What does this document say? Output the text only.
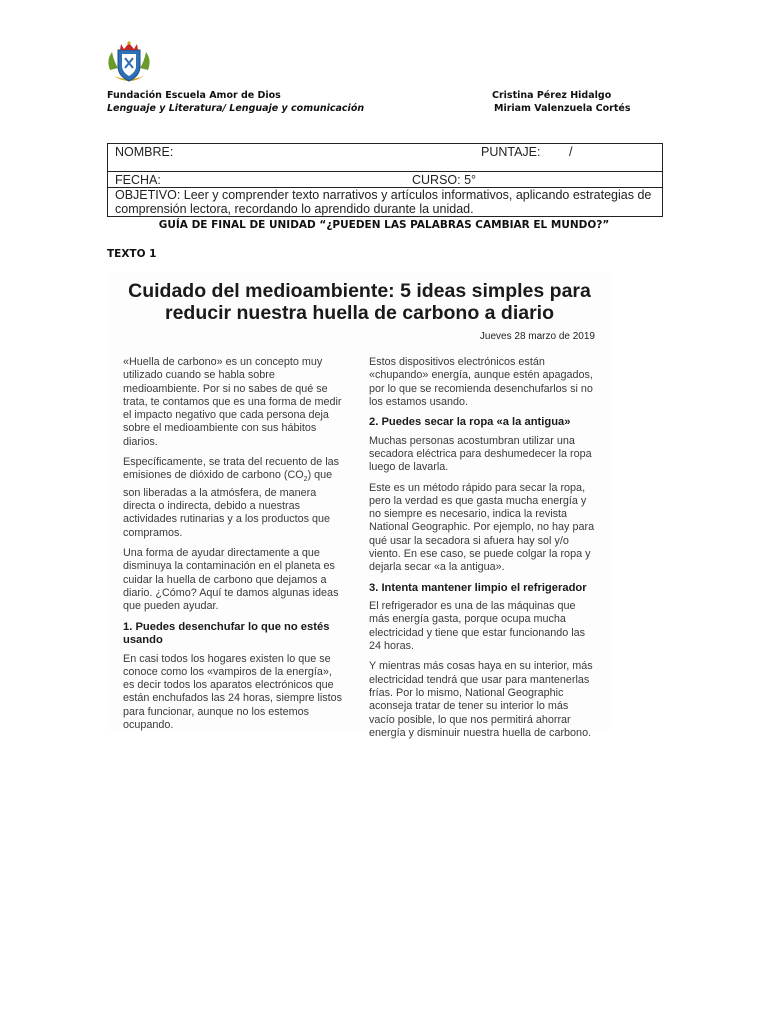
Fundación Escuela Amor de Dios
Lenguaje y Literatura/ Lenguaje y comunicación
Cristina Pérez Hidalgo
Miriam Valenzuela Cortés
NOMBRE:	PUNTAJE: /
FECHA:	CURSO: 5°
OBJETIVO: Leer y comprender texto narrativos y artículos informativos, aplicando estrategias de comprensión lectora, recordando lo aprendido durante la unidad.
GUÍA DE FINAL DE UNIDAD “¿PUEDEN LAS PALABRAS CAMBIAR EL MUNDO?”
TEXTO 1
Cuidado del medioambiente: 5 ideas simples para
reducir nuestra huella de carbono a diario
Jueves 28 marzo de 2019

«Huella de carbono» es un concepto muy utilizado cuando se habla sobre medioambiente. Por si no sabes de qué se trata, te contamos que es una forma de medir el impacto negativo que cada persona deja sobre el medioambiente con sus hábitos diarios.

Específicamente, se trata del recuento de las emisiones de dióxido de carbono $(CO_2)$ que son liberadas a la atmósfera, de manera directa o indirecta, debido a nuestras actividades rutinarias y a los productos que compramos.

Una forma de ayudar directamente a que disminuya la contaminación en el planeta es cuidar la huella de carbono que dejamos a diario. ¿Cómo? Aquí te damos algunas ideas que pueden ayudar.

1. Puedes desenchufar lo que no estés usando

En casi todos los hogares existen lo que se conoce como los «vampiros de la energía», es decir todos los aparatos electrónicos que están enchufados las 24 horas, siempre listos para funcionar, aunque no los estemos ocupando.

Estos dispositivos electrónicos están «chupando» energía, aunque estén apagados, por lo que se recomienda desenchufarlos si no los estamos usando.

2. Puedes secar la ropa «a la antigua»

Muchas personas acostumbran utilizar una secadora eléctrica para deshumedecer la ropa luego de lavarla.

Este es un método rápido para secar la ropa, pero la verdad es que gasta mucha energía y no siempre es necesario, indica la revista National Geographic. Por ejemplo, no hay para qué usar la secadora si afuera hay sol y/o viento. En ese caso, se puede colgar la ropa y dejarla secar «a la antigua».

3. Intenta mantener limpio el refrigerador

El refrigerador es una de las máquinas que más energía gasta, porque ocupa mucha electricidad y tiene que estar funcionando las 24 horas.

Y mientras más cosas haya en su interior, más electricidad tendrá que usar para mantenerlas frías. Por lo mismo, National Geographic aconseja tratar de tener su interior lo más vacío posible, lo que nos permitirá ahorrar energía y disminuir nuestra huella de carbono.
